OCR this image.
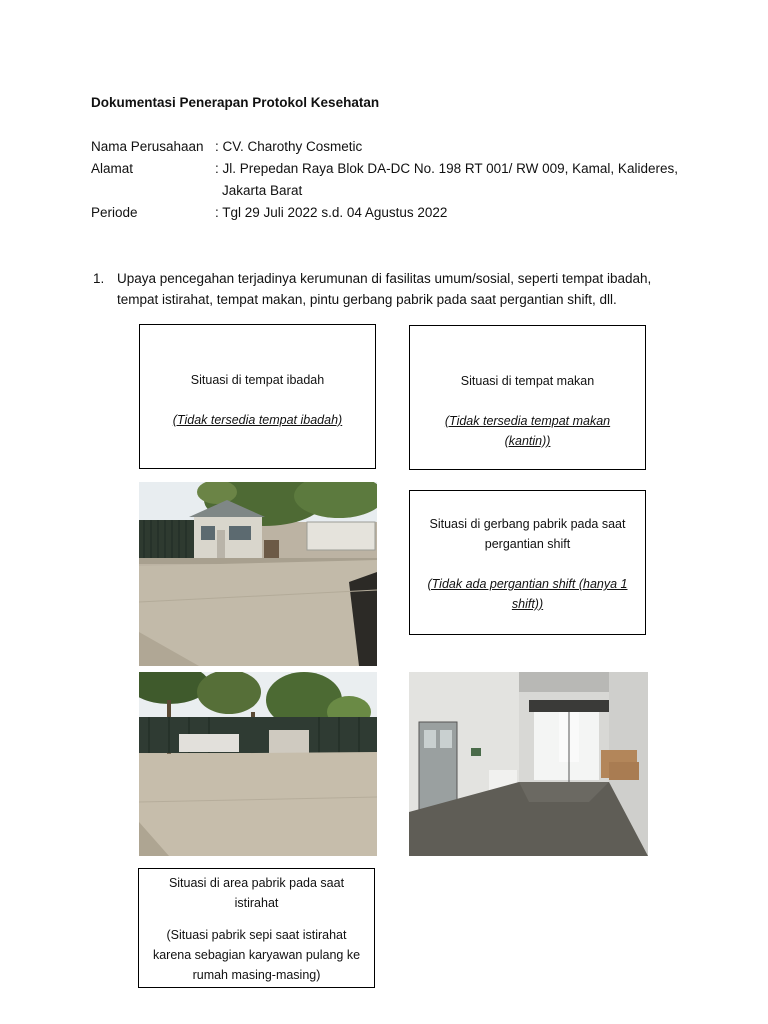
Dokumentasi Penerapan Protokol Kesehatan
Nama Perusahaan : CV. Charothy Cosmetic
Alamat	: Jl. Prepedan Raya Blok DA-DC No. 198 RT 001/ RW 009, Kamal, Kalideres,
Jakarta Barat
Periode	: Tgl 29 Juli 2022 s.d. 04 Agustus 2022
1. Upaya pencegahan terjadinya kerumunan di fasilitas umum/sosial, seperti tempat ibadah,
tempat istirahat, tempat makan, pintu gerbang pabrik pada saat pergantian shift, dll.
Situasi di tempat ibadah
(Tidak tersedia tempat ibadah)
Situasi di tempat makan
(Tidak tersedia tempat makan
(kantin))
Situasi di gerbang pabrik pada saat
pergantian shift
(Tidak ada pergantian shift (hanya 1
shift))
Situasi di area pabrik pada saat
istirahat
(Situasi pabrik sepi saat istirahat
karena sebagian karyawan pulang ke
rumah masing-masing)
